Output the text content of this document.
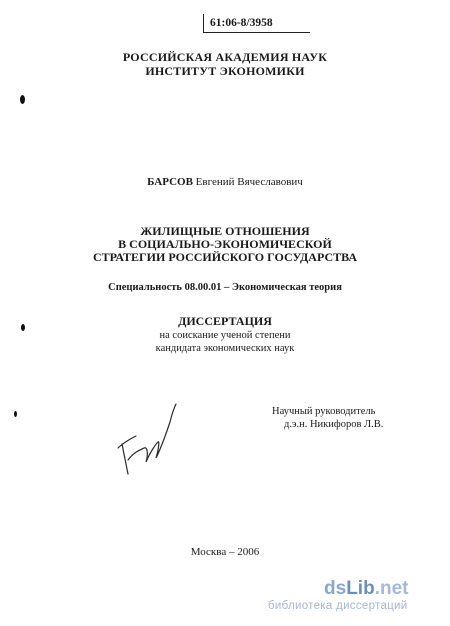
61:06-8/3958
РОССИЙСКАЯ АКАДЕМИЯ НАУК
ИНСТИТУТ ЭКОНОМИКИ
БАРСОВ Евгений Вячеславович
ЖИЛИЩНЫЕ ОТНОШЕНИЯ
В СОЦИАЛЬНО-ЭКОНОМИЧЕСКОЙ
СТРАТЕГИИ РОССИЙСКОГО ГОСУДАРСТВА
Специальность 08.00.01 – Экономическая теория
ДИССЕРТАЦИЯ
на соискание ученой степени
кандидата экономических наук
Научный руководитель
д.э.н. Никифоров Л.В.
Москва – 2006
dsLib.net
библиотека диссертаций
